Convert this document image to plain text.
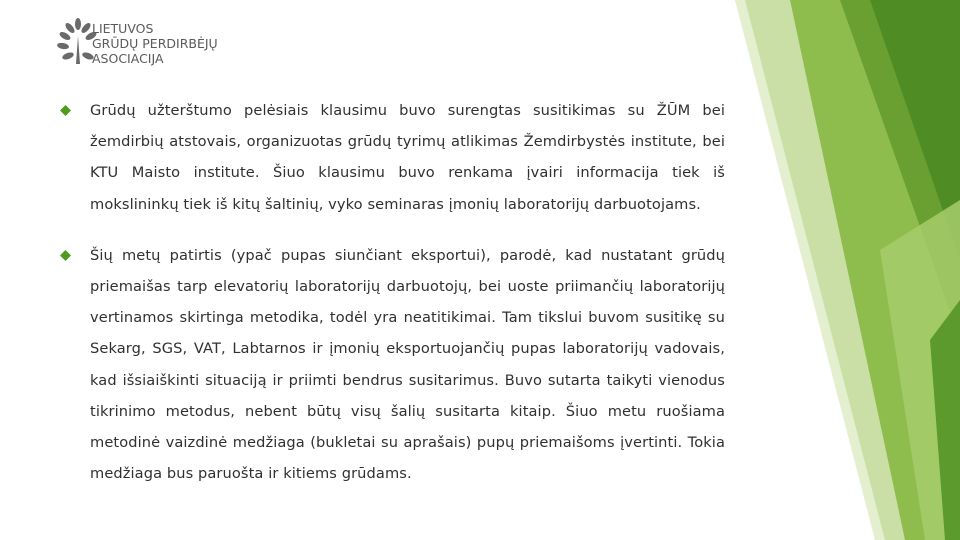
LIETUVOS
GRŪDŲ PERDIRBĖJŲ
ASOCIACIJA
Grūdų užterštumo pelėsiais klausimu buvo surengtas susitikimas su ŽŪM bei žemdirbių atstovais, organizuotas grūdų tyrimų atlikimas Žemdirbystės institute, bei KTU Maisto institute. Šiuo klausimu buvo renkama įvairi informacija tiek iš mokslininkų tiek iš kitų šaltinių, vyko seminaras įmonių laboratorijų darbuotojams.
Šių metų patirtis (ypač pupas siunčiant eksportui), parodė, kad nustatant grūdų priemaišas tarp elevatorių laboratorijų darbuotojų, bei uoste priimančių laboratorijų vertinamos skirtinga metodika, todėl yra neatitikimai. Tam tikslui buvom susitikę su Sekarg, SGS, VAT, Labtarnos ir įmonių eksportuojančių pupas laboratorijų vadovais, kad išsiaiškinti situaciją ir priimti bendrus susitarimus. Buvo sutarta taikyti vienodus tikrinimo metodus, nebent būtų visų šalių susitarta kitaip. Šiuo metu ruošiama metodinė vaizdinė medžiaga (bukletai su aprašais) pupų priemaišoms įvertinti. Tokia medžiaga bus paruošta ir kitiems grūdams.
